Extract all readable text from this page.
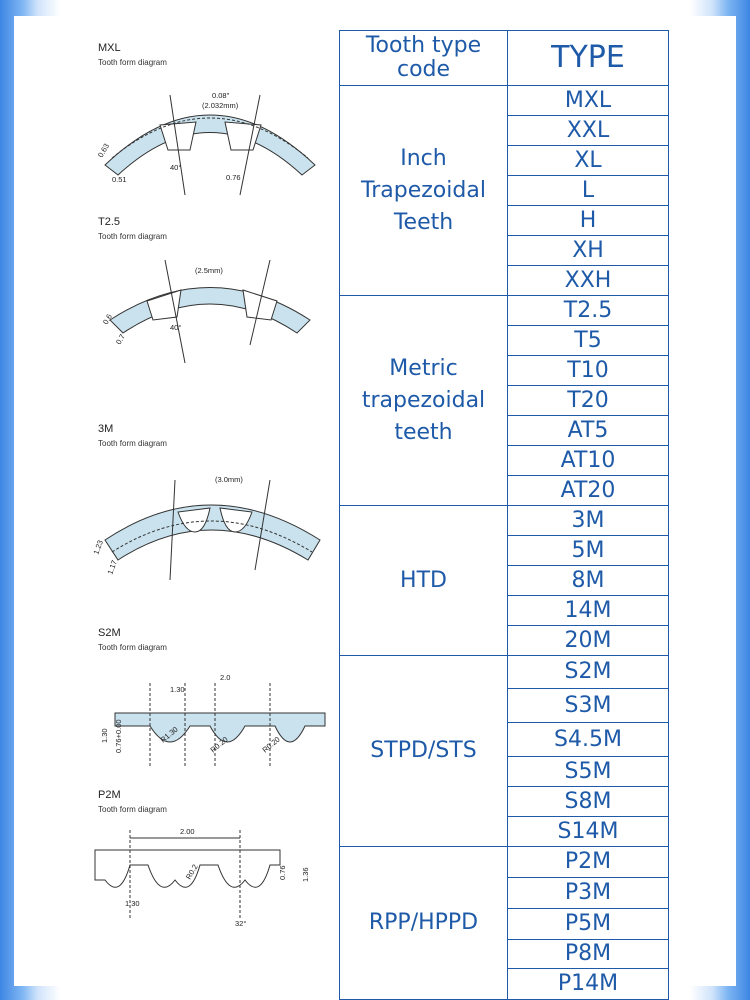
MXL
Tooth form diagram
0.08"
(2.032mm)
0.63
0.51
40°
0.76
T2.5
Tooth form diagram
(2.5mm)
0.6
0.7
40°
3M
Tooth form diagram
(3.0mm)
1.23
1.17
S2M
Tooth form diagram
2.0
1.30
1.30 0.76+0.00	R1.30
R0.20	R0.20
P2M
Tooth form diagram
2.00
R0.2	0.76 1.36
1.30
32°
Tooth type code	TYPE
Inch Trapezoidal Teeth	MXL
	XXL
	XL
	L
	H
	XH
	XXH
Metric trapezoidal teeth	T2.5
	T5
	T10
	T20
	AT5
	AT10
	AT20
HTD	3M
	5M
	8M
	14M
	20M
STPD/STS	S2M
	S3M
	S4.5M
	S5M
	S8M
	S14M
RPP/HPPD	P2M
	P3M
	P5M
	P8M
	P14M
